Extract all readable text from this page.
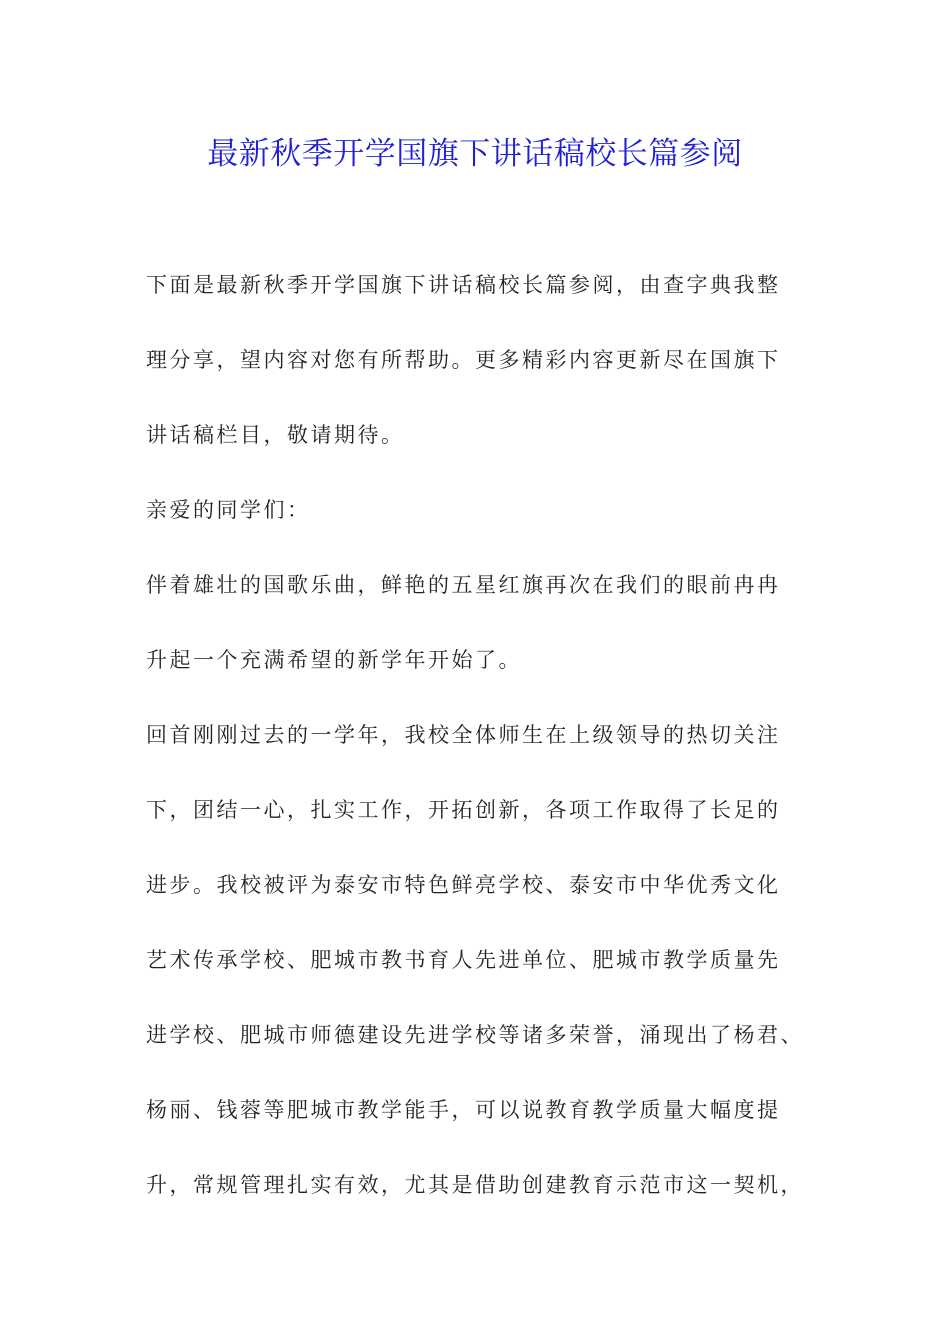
最新秋季开学国旗下讲话稿校长篇参阅
下面是最新秋季开学国旗下讲话稿校长篇参阅，由查字典我整
理分享，望内容对您有所帮助。更多精彩内容更新尽在国旗下
讲话稿栏目，敬请期待。
亲爱的同学们：
伴着雄壮的国歌乐曲，鲜艳的五星红旗再次在我们的眼前冉冉
升起一个充满希望的新学年开始了。
回首刚刚过去的一学年，我校全体师生在上级领导的热切关注
下，团结一心，扎实工作，开拓创新，各项工作取得了长足的
进步。我校被评为泰安市特色鲜亮学校、泰安市中华优秀文化
艺术传承学校、肥城市教书育人先进单位、肥城市教学质量先
进学校、肥城市师德建设先进学校等诸多荣誉，涌现出了杨君、
杨丽、钱蓉等肥城市教学能手，可以说教育教学质量大幅度提
升，常规管理扎实有效，尤其是借助创建教育示范市这一契机，
